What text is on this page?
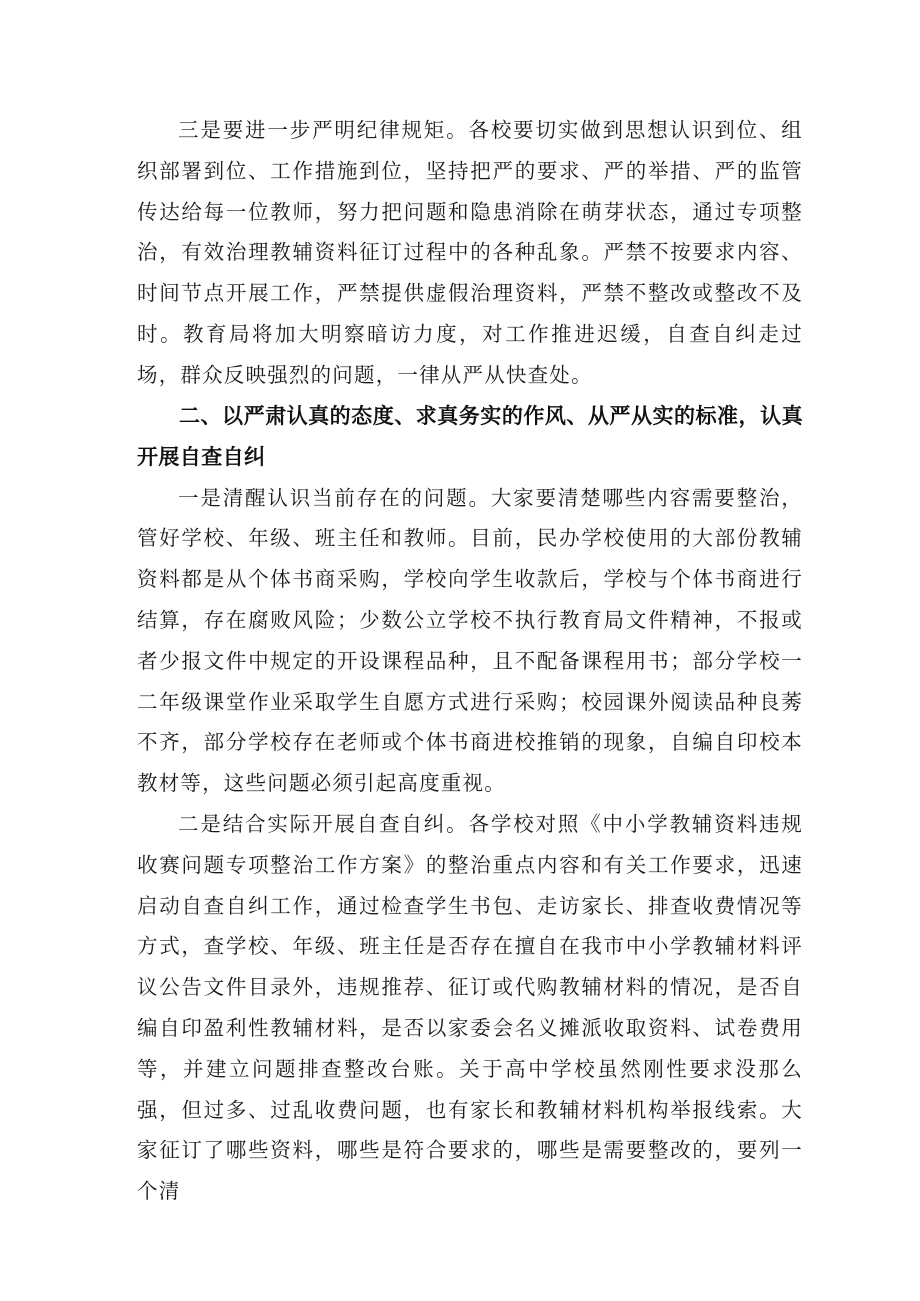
三是要进一步严明纪律规矩。各校要切实做到思想认识到位、组织部署到位、工作措施到位，坚持把严的要求、严的举措、严的监管传达给每一位教师，努力把问题和隐患消除在萌芽状态，通过专项整治，有效治理教辅资料征订过程中的各种乱象。严禁不按要求内容、时间节点开展工作，严禁提供虚假治理资料，严禁不整改或整改不及时。教育局将加大明察暗访力度，对工作推进迟缓，自查自纠走过场，群众反映强烈的问题，一律从严从快查处。

二、以严肃认真的态度、求真务实的作风、从严从实的标准，认真开展自查自纠

一是清醒认识当前存在的问题。大家要清楚哪些内容需要整治，管好学校、年级、班主任和教师。目前，民办学校使用的大部份教辅资料都是从个体书商采购，学校向学生收款后，学校与个体书商进行结算，存在腐败风险；少数公立学校不执行教育局文件精神，不报或者少报文件中规定的开设课程品种，且不配备课程用书；部分学校一二年级课堂作业采取学生自愿方式进行采购；校园课外阅读品种良莠不齐，部分学校存在老师或个体书商进校推销的现象，自编自印校本教材等，这些问题必须引起高度重视。

二是结合实际开展自查自纠。各学校对照《中小学教辅资料违规收赛问题专项整治工作方案》的整治重点内容和有关工作要求，迅速启动自查自纠工作，通过检查学生书包、走访家长、排查收费情况等方式，查学校、年级、班主任是否存在擅自在我市中小学教辅材料评议公告文件目录外，违规推荐、征订或代购教辅材料的情况，是否自编自印盈利性教辅材料，是否以家委会名义摊派收取资料、试卷费用等，并建立问题排查整改台账。关于高中学校虽然刚性要求没那么强，但过多、过乱收费问题，也有家长和教辅材料机构举报线索。大家征订了哪些资料，哪些是符合要求的，哪些是需要整改的，要列一个清
